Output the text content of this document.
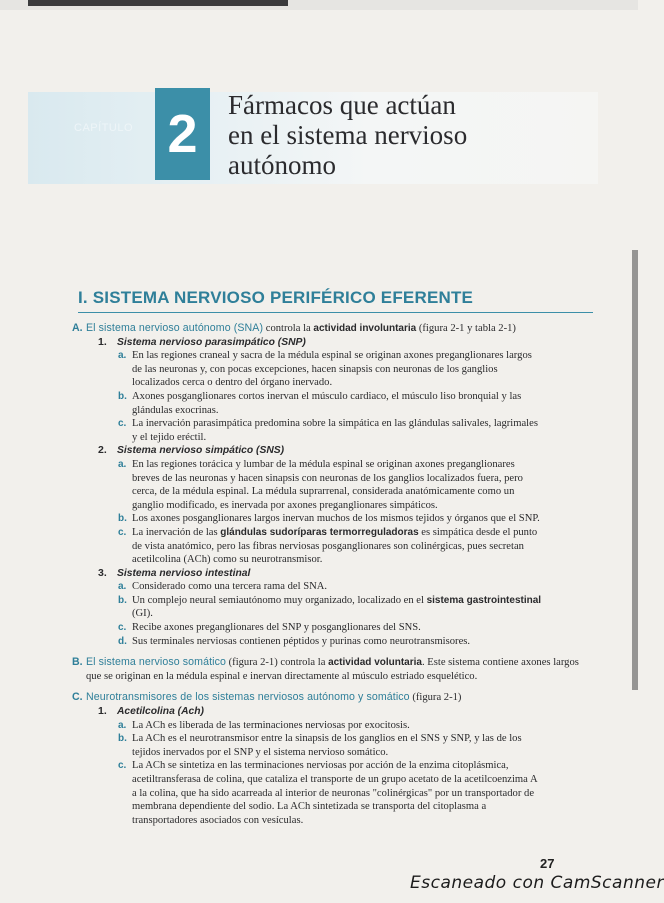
CAPÍTULO 2	Fármacos que actúan
en el sistema nervioso
autónomo
I. SISTEMA NERVIOSO PERIFÉRICO EFERENTE
A. El sistema nervioso autónomo (SNA) controla la actividad involuntaria (figura 2-1 y tabla 2-1)
1. Sistema nervioso parasimpático (SNP)
a. En las regiones craneal y sacra de la médula espinal se originan axones preganglionares largos de las neuronas y, con pocas excepciones, hacen sinapsis con neuronas de los ganglios localizados cerca o dentro del órgano inervado.
b. Axones posganglionares cortos inervan el músculo cardiaco, el músculo liso bronquial y las glándulas exocrinas.
c. La inervación parasimpática predomina sobre la simpática en las glándulas salivales, lagrimales y el tejido eréctil.
2. Sistema nervioso simpático (SNS)
a. En las regiones torácica y lumbar de la médula espinal se originan axones preganglionares breves de las neuronas y hacen sinapsis con neuronas de los ganglios localizados fuera, pero cerca, de la médula espinal. La médula suprarrenal, considerada anatómicamente como un ganglio modificado, es inervada por axones preganglionares simpáticos.
b. Los axones posganglionares largos inervan muchos de los mismos tejidos y órganos que el SNP.
c. La inervación de las glándulas sudoríparas termorreguladoras es simpática desde el punto de vista anatómico, pero las fibras nerviosas posganglionares son colinérgicas, pues secretan acetilcolina (ACh) como su neurotransmisor.
3. Sistema nervioso intestinal
a. Considerado como una tercera rama del SNA.
b. Un complejo neural semiautónomo muy organizado, localizado en el sistema gastrointestinal (GI).
c. Recibe axones preganglionares del SNP y posganglionares del SNS.
d. Sus terminales nerviosas contienen péptidos y purinas como neurotransmisores.
B. El sistema nervioso somático (figura 2-1) controla la actividad voluntaria. Este sistema contiene axones largos que se originan en la médula espinal e inervan directamente al músculo estriado esquelético.
C. Neurotransmisores de los sistemas nerviosos autónomo y somático (figura 2-1)
1. Acetilcolina (Ach)
a. La ACh es liberada de las terminaciones nerviosas por exocitosis.
b. La ACh es el neurotransmisor entre la sinapsis de los ganglios en el SNS y SNP, y las de los tejidos inervados por el SNP y el sistema nervioso somático.
c. La ACh se sintetiza en las terminaciones nerviosas por acción de la enzima citoplásmica, acetiltransferasa de colina, que cataliza el transporte de un grupo acetato de la acetilcoenzima A a la colina, que ha sido acarreada al interior de neuronas "colinérgicas" por un transportador de membrana dependiente del sodio. La ACh sintetizada se transporta del citoplasma a transportadores asociados con vesículas.
27
Escaneado con CamScanner
